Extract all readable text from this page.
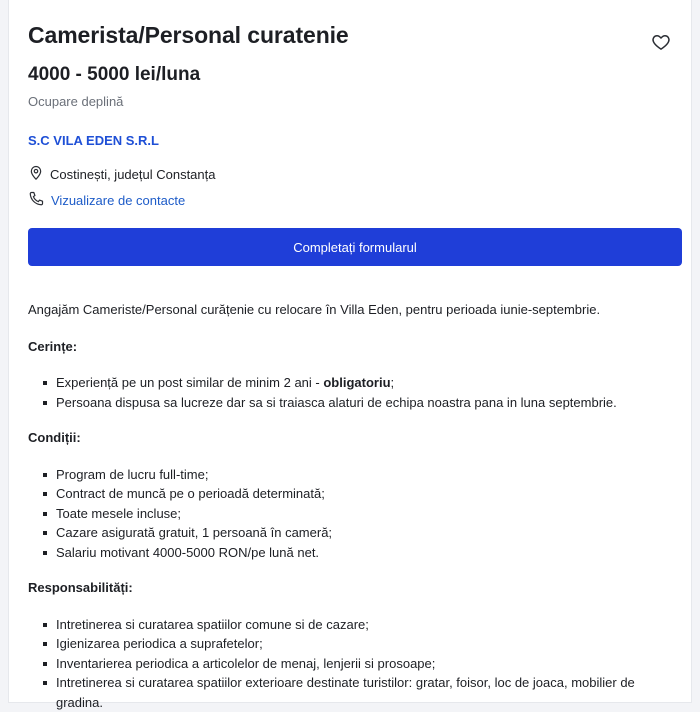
Camerista/Personal curatenie
4000 - 5000 lei/luna
Ocupare deplină
S.C VILA EDEN S.R.L
Costinești, județul Constanța
Vizualizare de contacte
Completați formularul

Angajăm Cameriste/Personal curățenie cu relocare în Villa Eden, pentru perioada iunie-septembrie.

Cerințe:
Experiență pe un post similar de minim 2 ani - obligatoriu;
Persoana dispusa sa lucreze dar sa si traiasca alaturi de echipa noastra pana in luna septembrie.
Condiții:
Program de lucru full-time;
Contract de muncă pe o perioadă determinată;
Toate mesele incluse;
Cazare asigurată gratuit, 1 persoană în cameră;
Salariu motivant 4000-5000 RON/pe lună net.
Responsabilități:
Intretinerea si curatarea spatiilor comune si de cazare;
Igienizarea periodica a suprafetelor;
Inventarierea periodica a articolelor de menaj, lenjerii si prosoape;
Intretinerea si curatarea spatiilor exterioare destinate turistilor: gratar, foisor, loc de joaca, mobilier de gradina.
